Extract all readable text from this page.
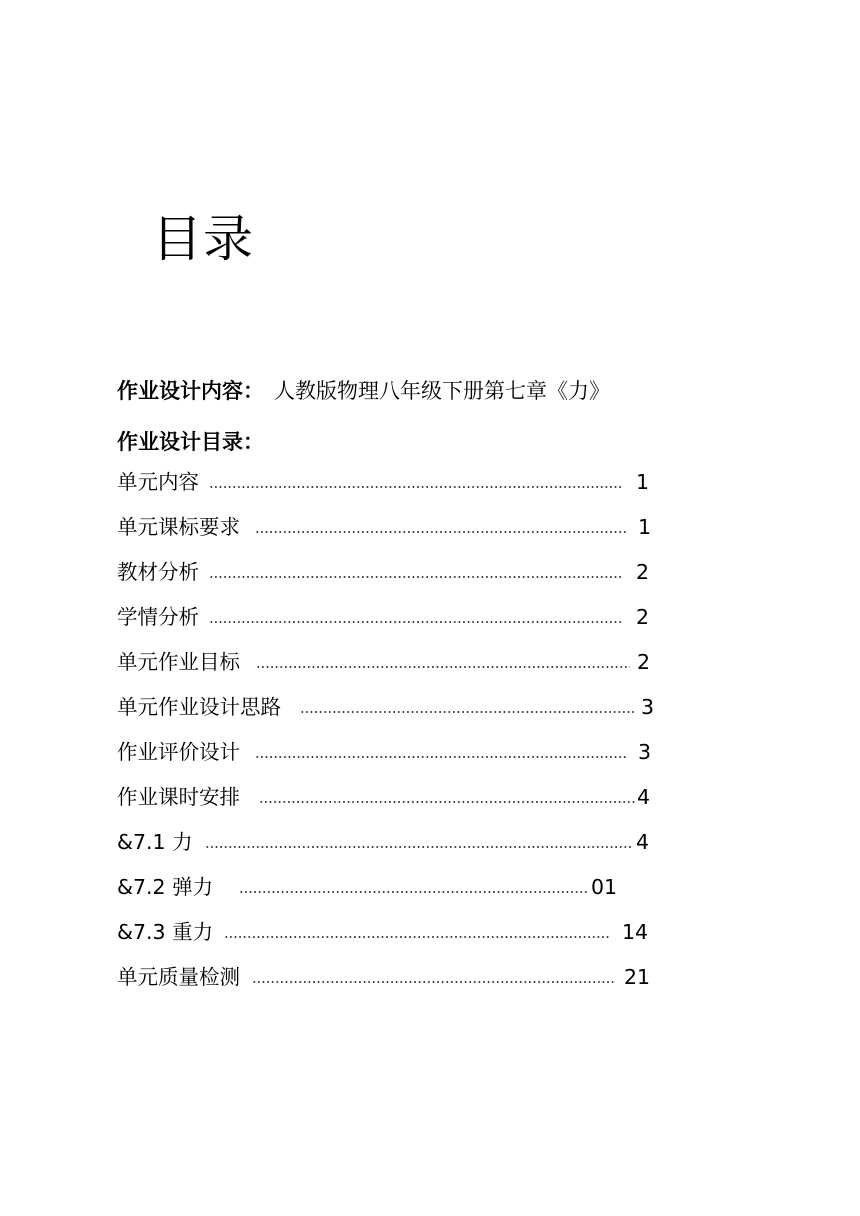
目录
作业设计内容： 人教版物理八年级下册第七章《力》
作业设计目录：
单元内容	1
单元课标要求	1
教材分析	2
学情分析	2
单元作业目标	2
单元作业设计思路	3
作业评价设计	3
作业课时安排	4
&7.1 力	4
&7.2 弹力	01
&7.3 重力	14
单元质量检测	21
